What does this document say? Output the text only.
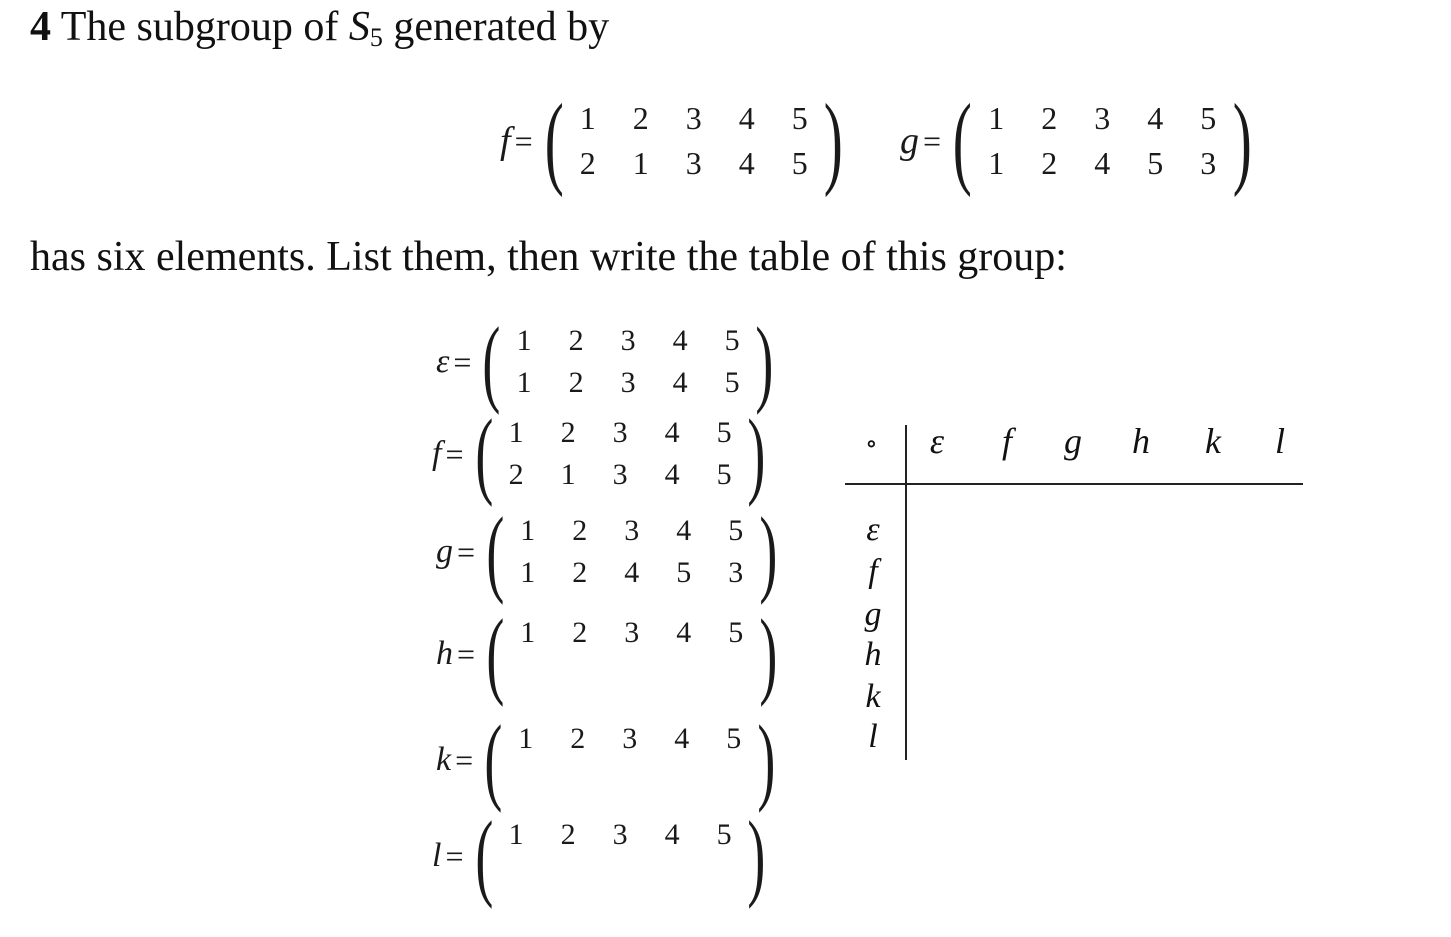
4 The subgroup of $S_5$ generated by
f = ( 1	2	3	4	5
2	1	3	4	5 ) g = ( 1	2	3	4	5
1	2	4	5	3 )
has six elements. List them, then write the table of this group:
ε = ( 1	2	3	4	5
1	2	3	4	5 )
f = ( 1	2	3	4	5
2	1	3	4	5 )
g = ( 1	2	3	4	5
1	2	4	5	3 )
h = ( 1	2	3	4	5 )
k = ( 1	2	3	4	5 )
l = ( 1	2	3	4	5 )
∘	ε	f	g	h	k	l
ε
f
g
h
k
l
